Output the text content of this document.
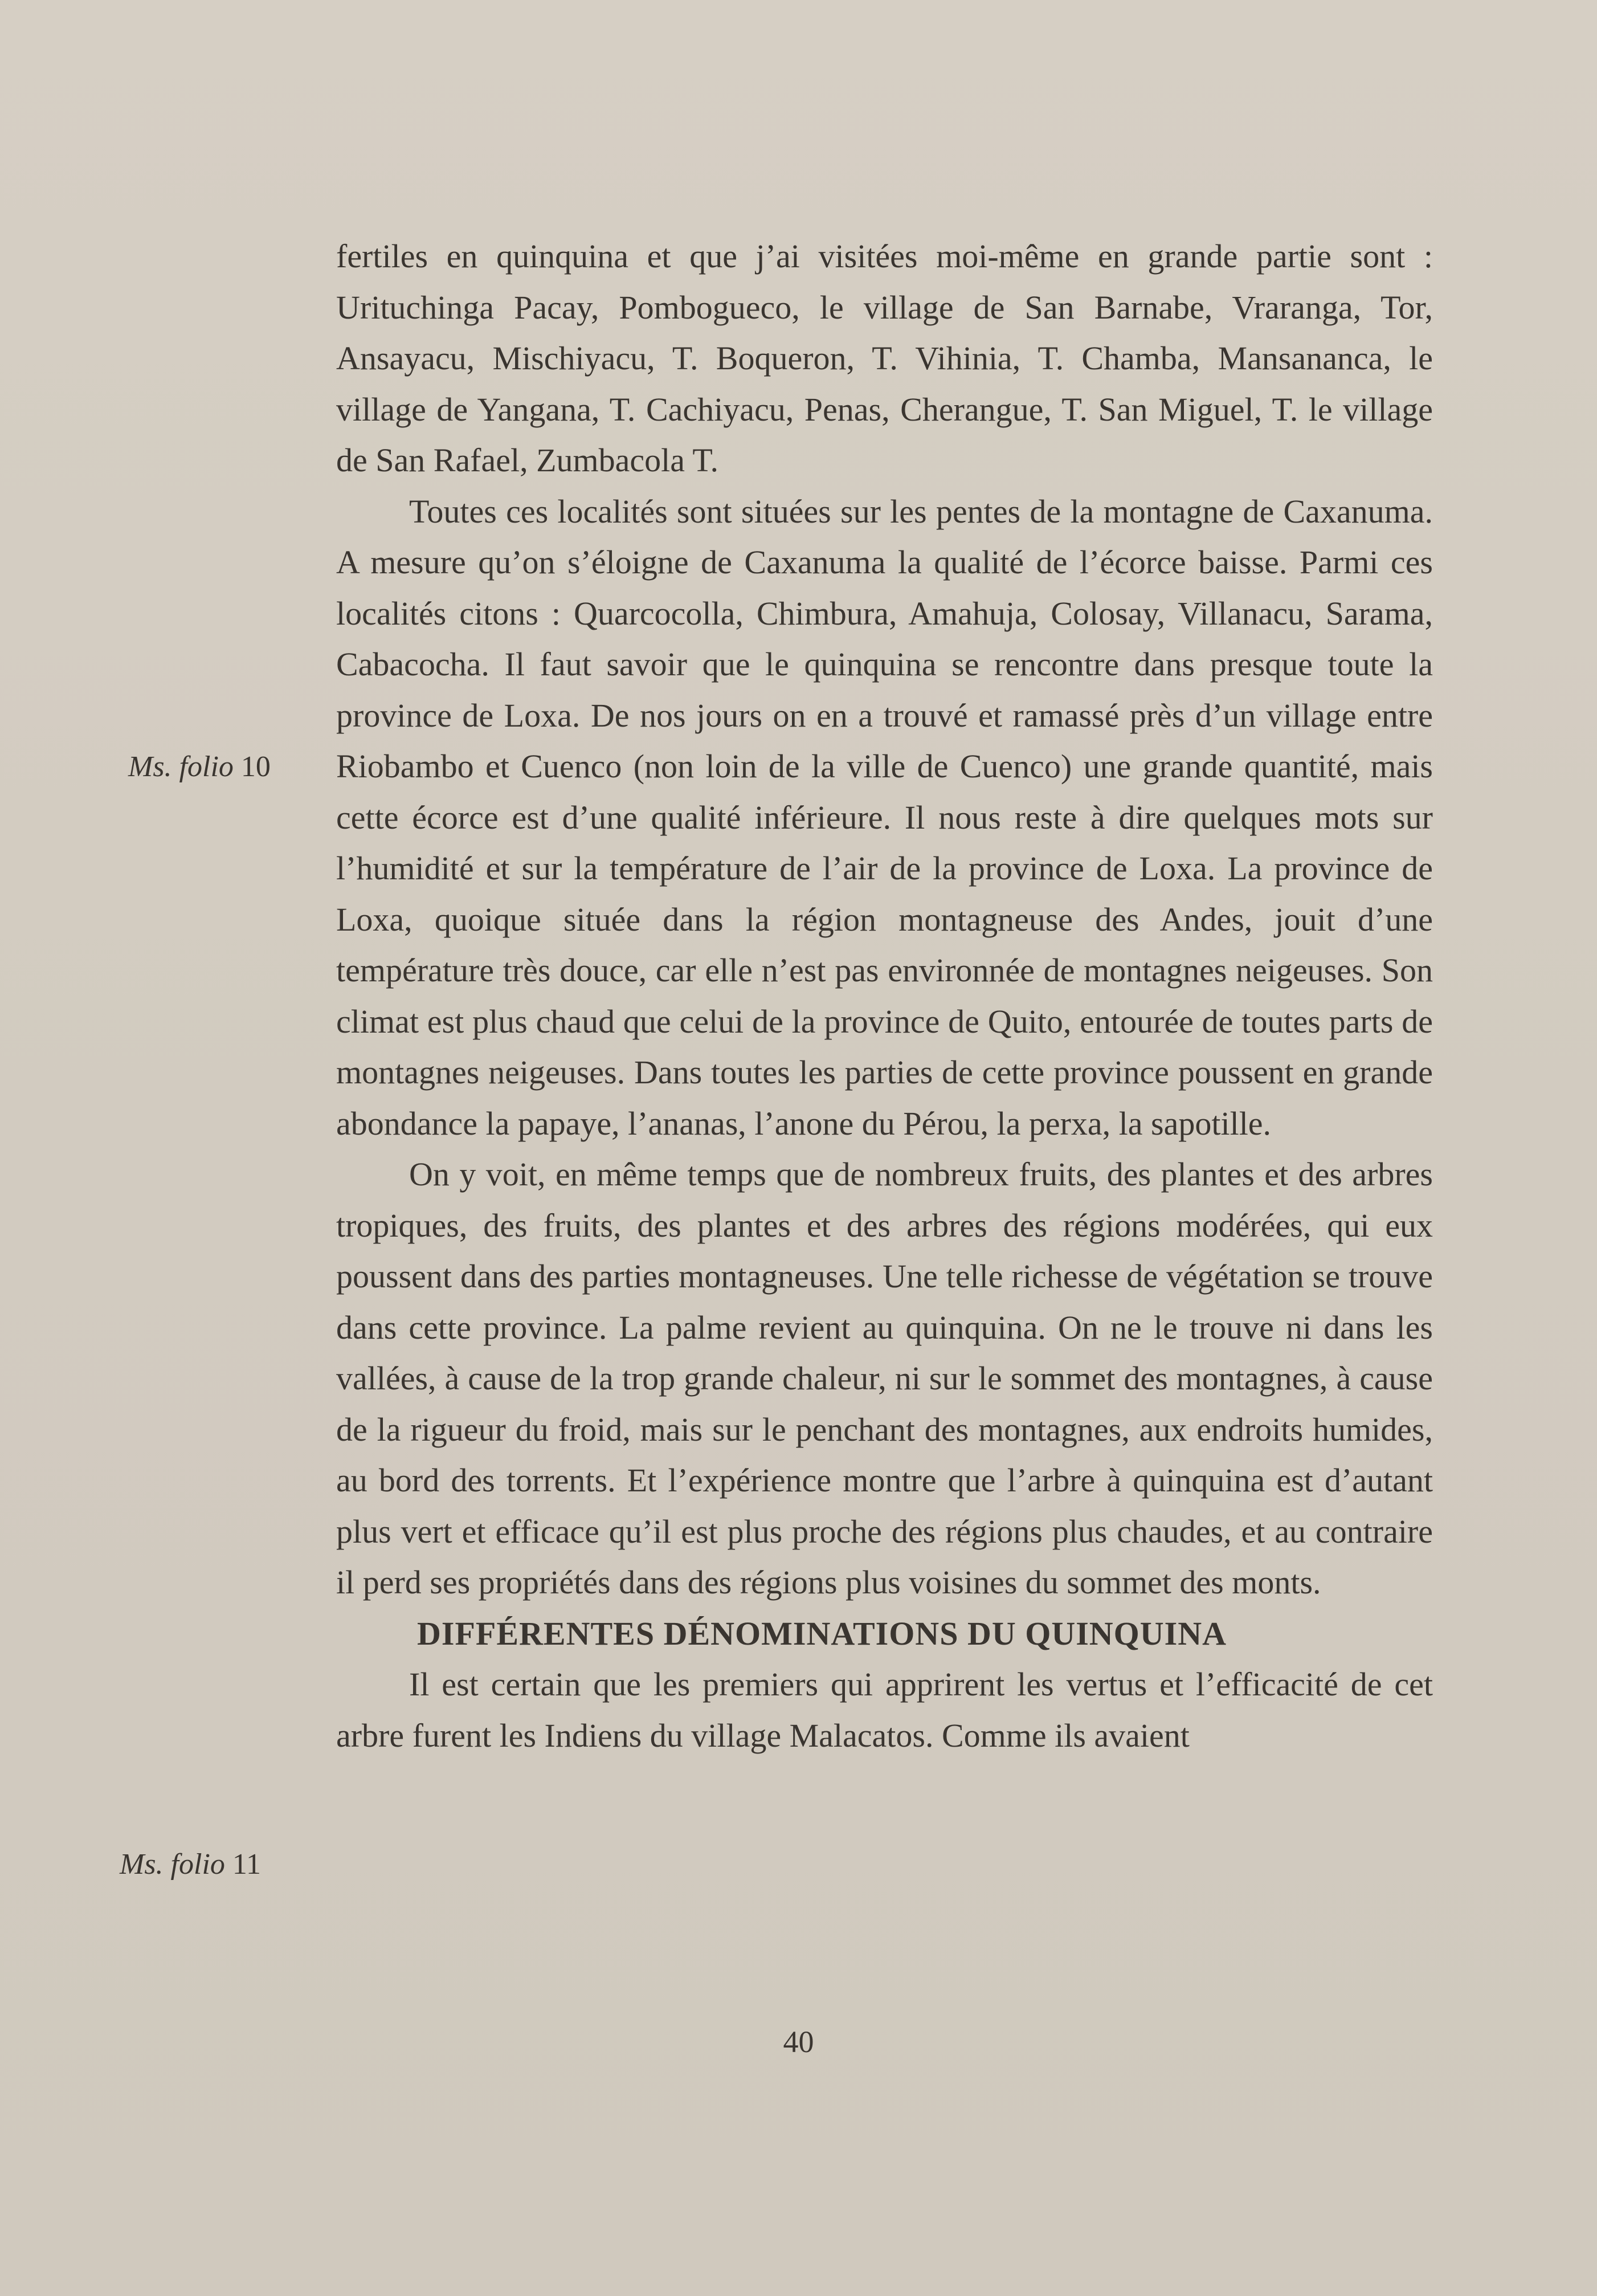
Ms. folio 10
Ms. folio 11

fertiles en quinquina et que j’ai visitées moi-même en grande partie sont : Urituchinga Pacay, Pombogueco, le village de San Barnabe, Vraranga, Tor, Ansayacu, Mischiyacu, T. Boqueron, T. Vihinia, T. Chamba, Mansananca, le village de Yangana, T. Cachiyacu, Penas, Cherangue, T. San Miguel, T. le village de San Rafael, Zumbacola T.

Toutes ces localités sont situées sur les pentes de la montagne de Caxanuma. A mesure qu’on s’éloigne de Caxanuma la qualité de l’écorce baisse. Parmi ces localités citons : Quarcocolla, Chimbura, Amahuja, Colosay, Villanacu, Sarama, Cabacocha. Il faut savoir que le quinquina se rencontre dans presque toute la province de Loxa. De nos jours on en a trouvé et ramassé près d’un village entre Riobambo et Cuenco (non loin de la ville de Cuenco) une grande quantité, mais cette écorce est d’une qualité inférieure. Il nous reste à dire quelques mots sur l’humidité et sur la température de l’air de la province de Loxa. La province de Loxa, quoique située dans la région montagneuse des Andes, jouit d’une température très douce, car elle n’est pas environnée de montagnes neigeuses. Son climat est plus chaud que celui de la province de Quito, entourée de toutes parts de montagnes neigeuses. Dans toutes les parties de cette province poussent en grande abondance la papaye, l’ananas, l’anone du Pérou, la perxa, la sapotille.

On y voit, en même temps que de nombreux fruits, des plantes et des arbres tropiques, des fruits, des plantes et des arbres des régions modérées, qui eux poussent dans des parties montagneuses. Une telle richesse de végétation se trouve dans cette province. La palme revient au quinquina. On ne le trouve ni dans les vallées, à cause de la trop grande chaleur, ni sur le sommet des montagnes, à cause de la rigueur du froid, mais sur le penchant des montagnes, aux endroits humides, au bord des torrents. Et l’expérience montre que l’arbre à quinquina est d’autant plus vert et efficace qu’il est plus proche des régions plus chaudes, et au contraire il perd ses propriétés dans des régions plus voisines du sommet des monts.

DIFFÉRENTES DÉNOMINATIONS DU QUINQUINA

Il est certain que les premiers qui apprirent les vertus et l’efficacité de cet arbre furent les Indiens du village Malacatos. Comme ils avaient

40
